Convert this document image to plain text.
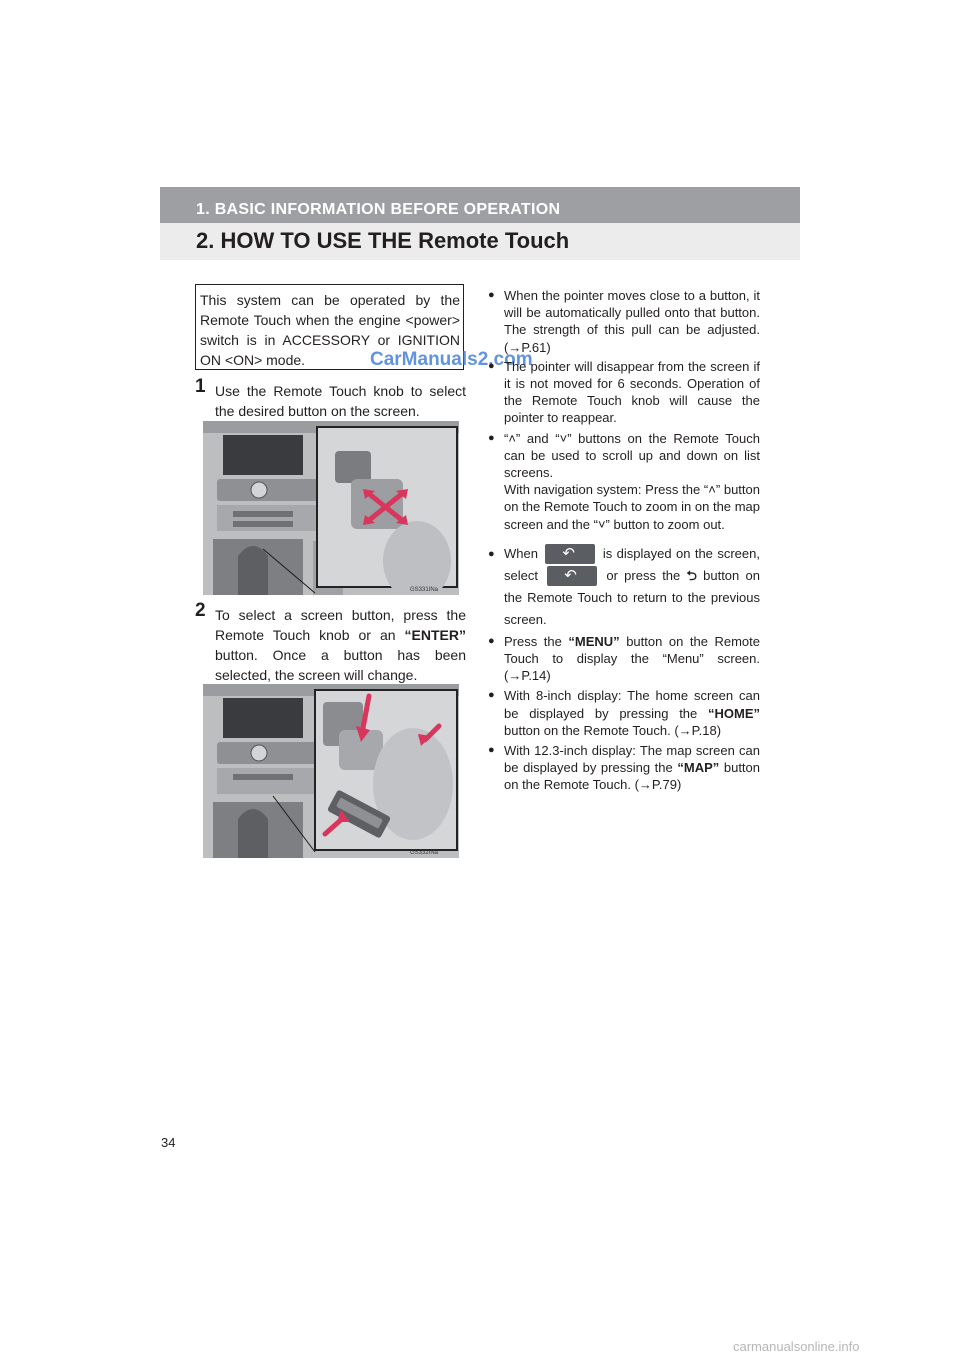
1. BASIC INFORMATION BEFORE OPERATION
2. HOW TO USE THE Remote Touch
This system can be operated by the Remote Touch when the engine <power> switch is in ACCESSORY or IGNITION ON <ON> mode.	CarManuals2.com
1 Use the Remote Touch knob to select the desired button on the screen.
GS331INa
2 To select a screen button, press the Remote Touch knob or an “ENTER” button. Once a button has been selected, the screen will change.
GS332INa

● When the pointer moves close to a button, it will be automatically pulled onto that button. The strength of this pull can be adjusted. (→P.61)

● The pointer will disappear from the screen if it is not moved for 6 seconds. Operation of the Remote Touch knob will cause the pointer to reappear.

● “˄” and “˅” buttons on the Remote Touch can be used to scroll up and down on list screens.
With navigation system: Press the “˄” button on the Remote Touch to zoom in on the map screen and the “˅” button to zoom out.

● When ↶	is displayed on the screen, select ↶	or press the ⮌ button on the Remote Touch to return to the previous screen.

● Press the “MENU” button on the Remote Touch to display the “Menu” screen. (→P.14)

● With 8-inch display: The home screen can be displayed by pressing the “HOME” button on the Remote Touch. (→P.18)

● With 12.3-inch display: The map screen can be displayed by pressing the “MAP” button on the Remote Touch. (→P.79)

34
carmanualsonline.info
